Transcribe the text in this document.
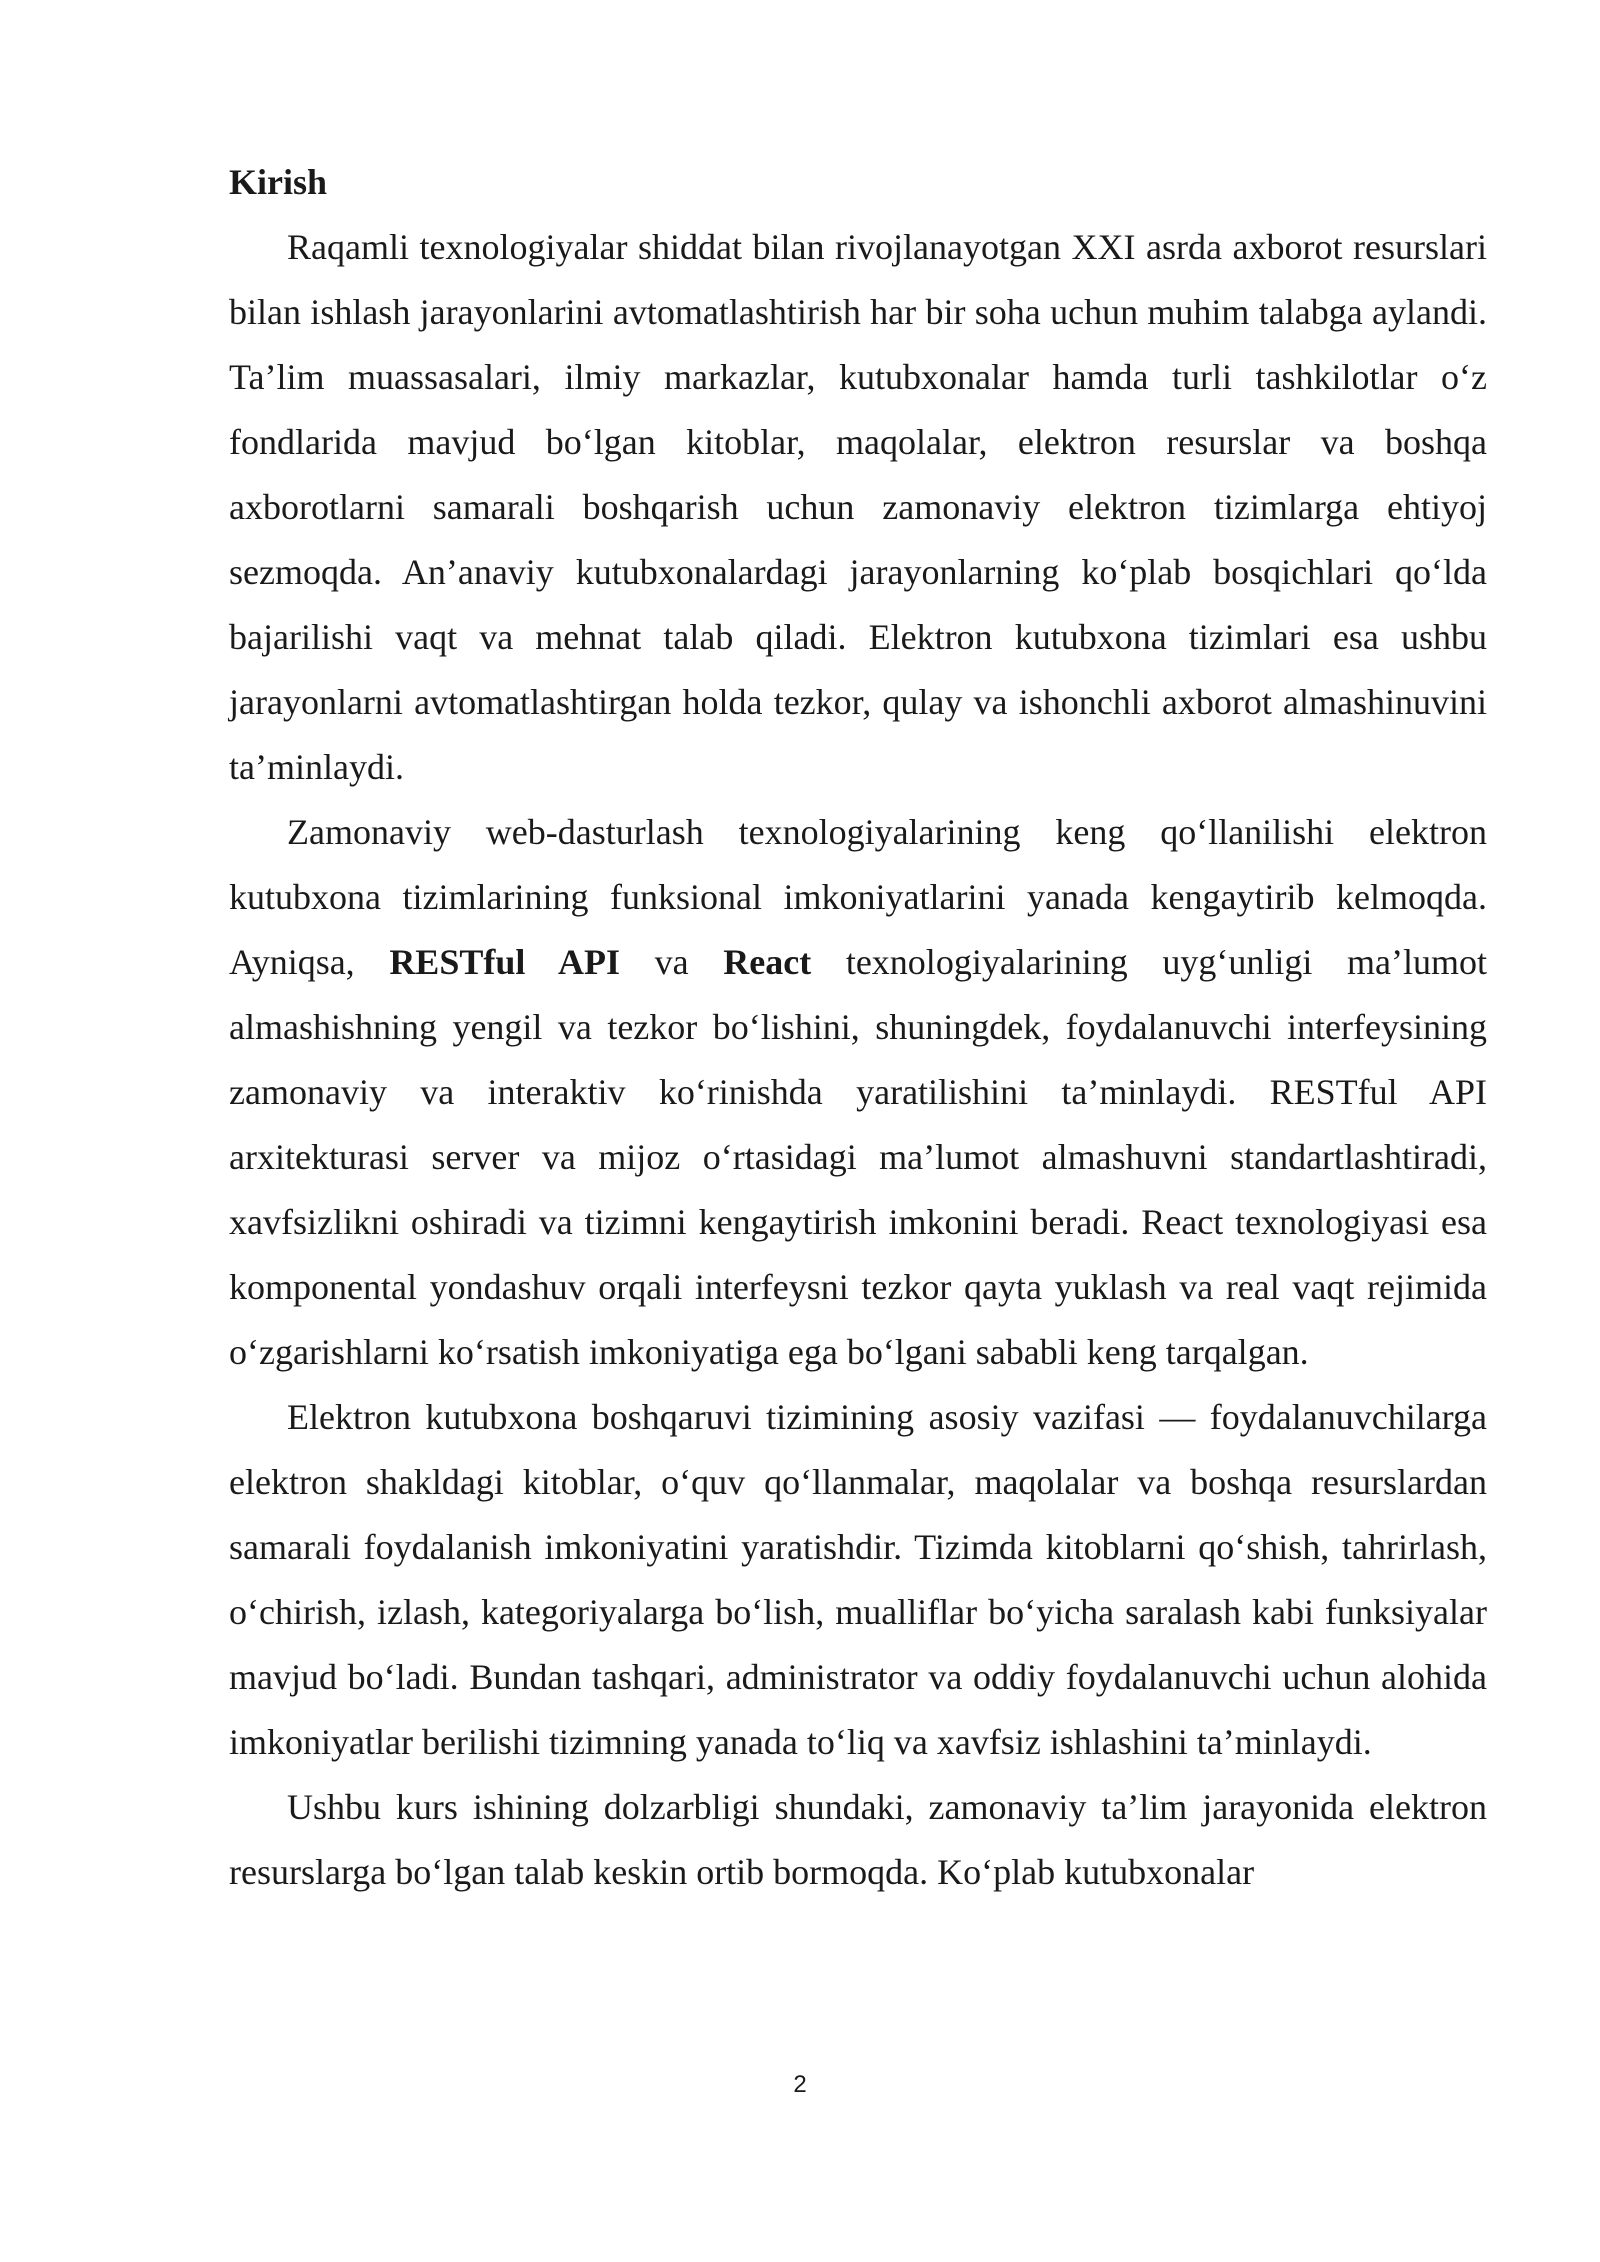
Kirish

Raqamli texnologiyalar shiddat bilan rivojlanayotgan XXI asrda axborot resurslari bilan ishlash jarayonlarini avtomatlashtirish har bir soha uchun muhim talabga aylandi. Ta’lim muassasalari, ilmiy markazlar, kutubxonalar hamda turli tashkilotlar o‘z fondlarida mavjud bo‘lgan kitoblar, maqolalar, elektron resurslar va boshqa axborotlarni samarali boshqarish uchun zamonaviy elektron tizimlarga ehtiyoj sezmoqda. An’anaviy kutubxonalardagi jarayonlarning ko‘plab bosqichlari qo‘lda bajarilishi vaqt va mehnat talab qiladi. Elektron kutubxona tizimlari esa ushbu jarayonlarni avtomatlashtirgan holda tezkor, qulay va ishonchli axborot almashinuvini ta’minlaydi.

Zamonaviy web-dasturlash texnologiyalarining keng qo‘llanilishi elektron kutubxona tizimlarining funksional imkoniyatlarini yanada kengaytirib kelmoqda. Ayniqsa, RESTful API va React texnologiyalarining uyg‘unligi ma’lumot almashishning yengil va tezkor bo‘lishini, shuningdek, foydalanuvchi interfeysining zamonaviy va interaktiv ko‘rinishda yaratilishini ta’minlaydi. RESTful API arxitekturasi server va mijoz o‘rtasidagi ma’lumot almashuvni standartlashtiradi, xavfsizlikni oshiradi va tizimni kengaytirish imkonini beradi. React texnologiyasi esa komponental yondashuv orqali interfeysni tezkor qayta yuklash va real vaqt rejimida o‘zgarishlarni ko‘rsatish imkoniyatiga ega bo‘lgani sababli keng tarqalgan.

Elektron kutubxona boshqaruvi tizimining asosiy vazifasi — foydalanuvchilarga elektron shakldagi kitoblar, o‘quv qo‘llanmalar, maqolalar va boshqa resurslardan samarali foydalanish imkoniyatini yaratishdir. Tizimda kitoblarni qo‘shish, tahrirlash, o‘chirish, izlash, kategoriyalarga bo‘lish, mualliflar bo‘yicha saralash kabi funksiyalar mavjud bo‘ladi. Bundan tashqari, administrator va oddiy foydalanuvchi uchun alohida imkoniyatlar berilishi tizimning yanada to‘liq va xavfsiz ishlashini ta’minlaydi.

Ushbu kurs ishining dolzarbligi shundaki, zamonaviy ta’lim jarayonida elektron resurslarga bo‘lgan talab keskin ortib bormoqda. Ko‘plab kutubxonalar

2
